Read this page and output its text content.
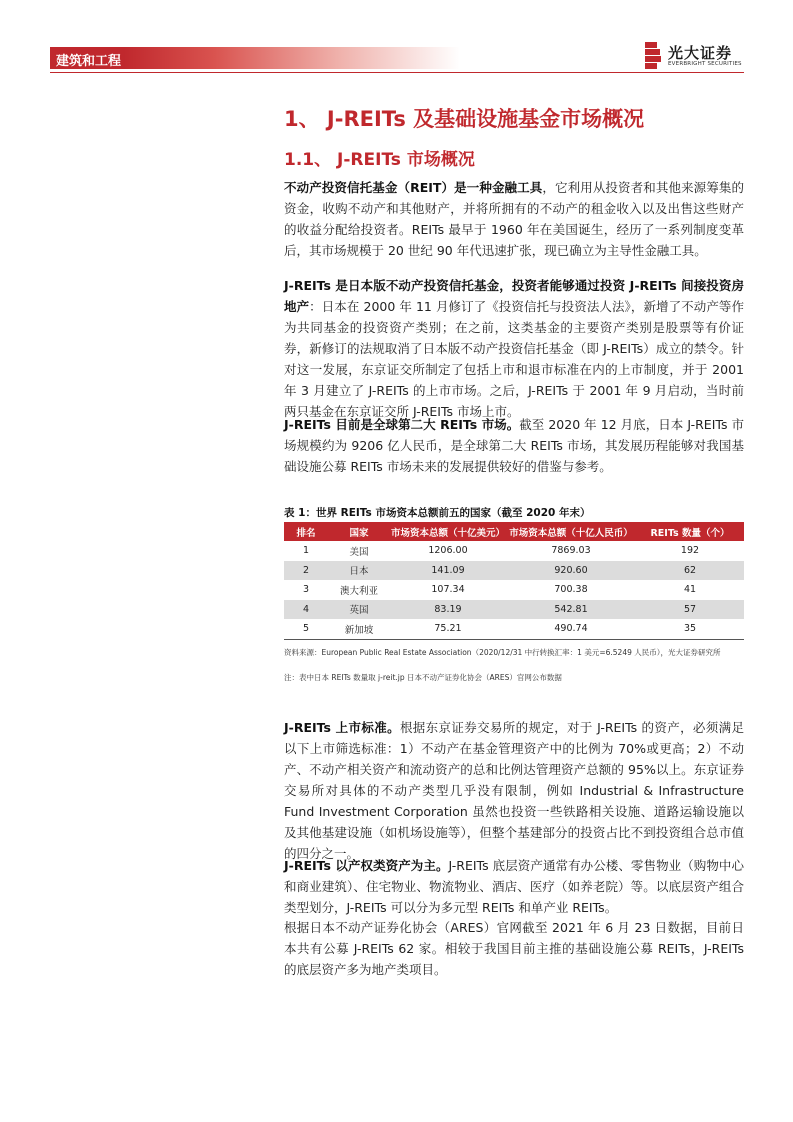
建筑和工程	光大证券
EVERBRIGHT SECURITIES
1、 J-REITs 及基础设施基金市场概况
1.1、 J-REITs 市场概况
不动产投资信托基金（REIT）是一种金融工具，它利用从投资者和其他来源筹集的资金，收购不动产和其他财产，并将所拥有的不动产的租金收入以及出售这些财产的收益分配给投资者。REITs 最早于 1960 年在美国诞生，经历了一系列制度变革后，其市场规模于 20 世纪 90 年代迅速扩张，现已确立为主导性金融工具。
J-REITs 是日本版不动产投资信托基金，投资者能够通过投资 J-REITs 间接投资房地产：日本在 2000 年 11 月修订了《投资信托与投资法人法》，新增了不动产等作为共同基金的投资资产类别；在之前，这类基金的主要资产类别是股票等有价证券，新修订的法规取消了日本版不动产投资信托基金（即 J-REITs）成立的禁令。针对这一发展，东京证交所制定了包括上市和退市标准在内的上市制度，并于 2001 年 3 月建立了 J-REITs 的上市市场。之后，J-REITs 于 2001 年 9 月启动，当时前两只基金在东京证交所 J-REITs 市场上市。
J-REITs 目前是全球第二大 REITs 市场。截至 2020 年 12 月底，日本 J-REITs 市场规模约为 9206 亿人民币，是全球第二大 REITs 市场，其发展历程能够对我国基础设施公募 REITs 市场未来的发展提供较好的借鉴与参考。
表 1：世界 REITs 市场资本总额前五的国家（截至 2020 年末）
排名	国家	市场资本总额（十亿美元）	市场资本总额（十亿人民币）	REITs 数量（个）
1	美国	1206.00	7869.03	192
2	日本	141.09	920.60	62
3	澳大利亚	107.34	700.38	41
4	英国	83.19	542.81	57
5	新加坡	75.21	490.74	35
资料来源：European Public Real Estate Association（2020/12/31 中行转换汇率：1 美元=6.5249 人民币），光大证券研究所
注：表中日本 REITs 数量取 j-reit.jp 日本不动产证券化协会（ARES）官网公布数据
J-REITs 上市标准。根据东京证券交易所的规定，对于 J-REITs 的资产，必须满足以下上市筛选标准：1）不动产在基金管理资产中的比例为 70%或更高；2）不动产、不动产相关资产和流动资产的总和比例达管理资产总额的 95%以上。东京证券交易所对具体的不动产类型几乎没有限制，例如 Industrial & Infrastructure Fund Investment Corporation 虽然也投资一些铁路相关设施、道路运输设施以及其他基建设施（如机场设施等），但整个基建部分的投资占比不到投资组合总市值的四分之一。
J-REITs 以产权类资产为主。J-REITs 底层资产通常有办公楼、零售物业（购物中心和商业建筑）、住宅物业、物流物业、酒店、医疗（如养老院）等。以底层资产组合类型划分，J-REITs 可以分为多元型 REITs 和单产业 REITs。
根据日本不动产证券化协会（ARES）官网截至 2021 年 6 月 23 日数据，目前日本共有公募 J-REITs 62 家。相较于我国目前主推的基础设施公募 REITs，J-REITs 的底层资产多为地产类项目。
